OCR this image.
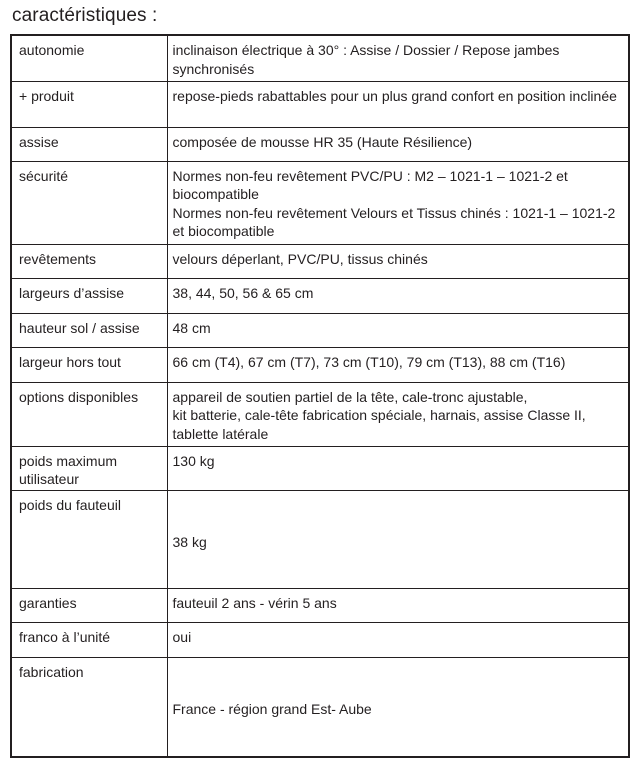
caractéristiques :
autonomie	inclinaison électrique à 30° : Assise / Dossier / Repose jambes synchronisés

+ produit	repose-pieds rabattables pour un plus grand confort en position inclinée

assise	composée de mousse HR 35 (Haute Résilience)

sécurité	Normes non-feu revêtement PVC/PU : M2 – 1021-1 – 1021-2 et biocompatible
Normes non-feu revêtement Velours et Tissus chinés : 1021-1 – 1021-2 et biocompatible

revêtements	velours déperlant, PVC/PU, tissus chinés

largeurs d’assise	38, 44, 50, 56 & 65 cm

hauteur sol / assise	48 cm

largeur hors tout	66 cm (T4), 67 cm (T7), 73 cm (T10), 79 cm (T13), 88 cm (T16)

options disponibles	appareil de soutien partiel de la tête, cale-tronc ajustable,
kit batterie, cale-tête fabrication spéciale, harnais, assise Classe II,
tablette latérale

poids maximum utilisateur	130 kg

poids du fauteuil	38 kg

garanties	fauteuil 2 ans - vérin 5 ans

franco à l’unité	oui

fabrication	France - région grand Est- Aube
